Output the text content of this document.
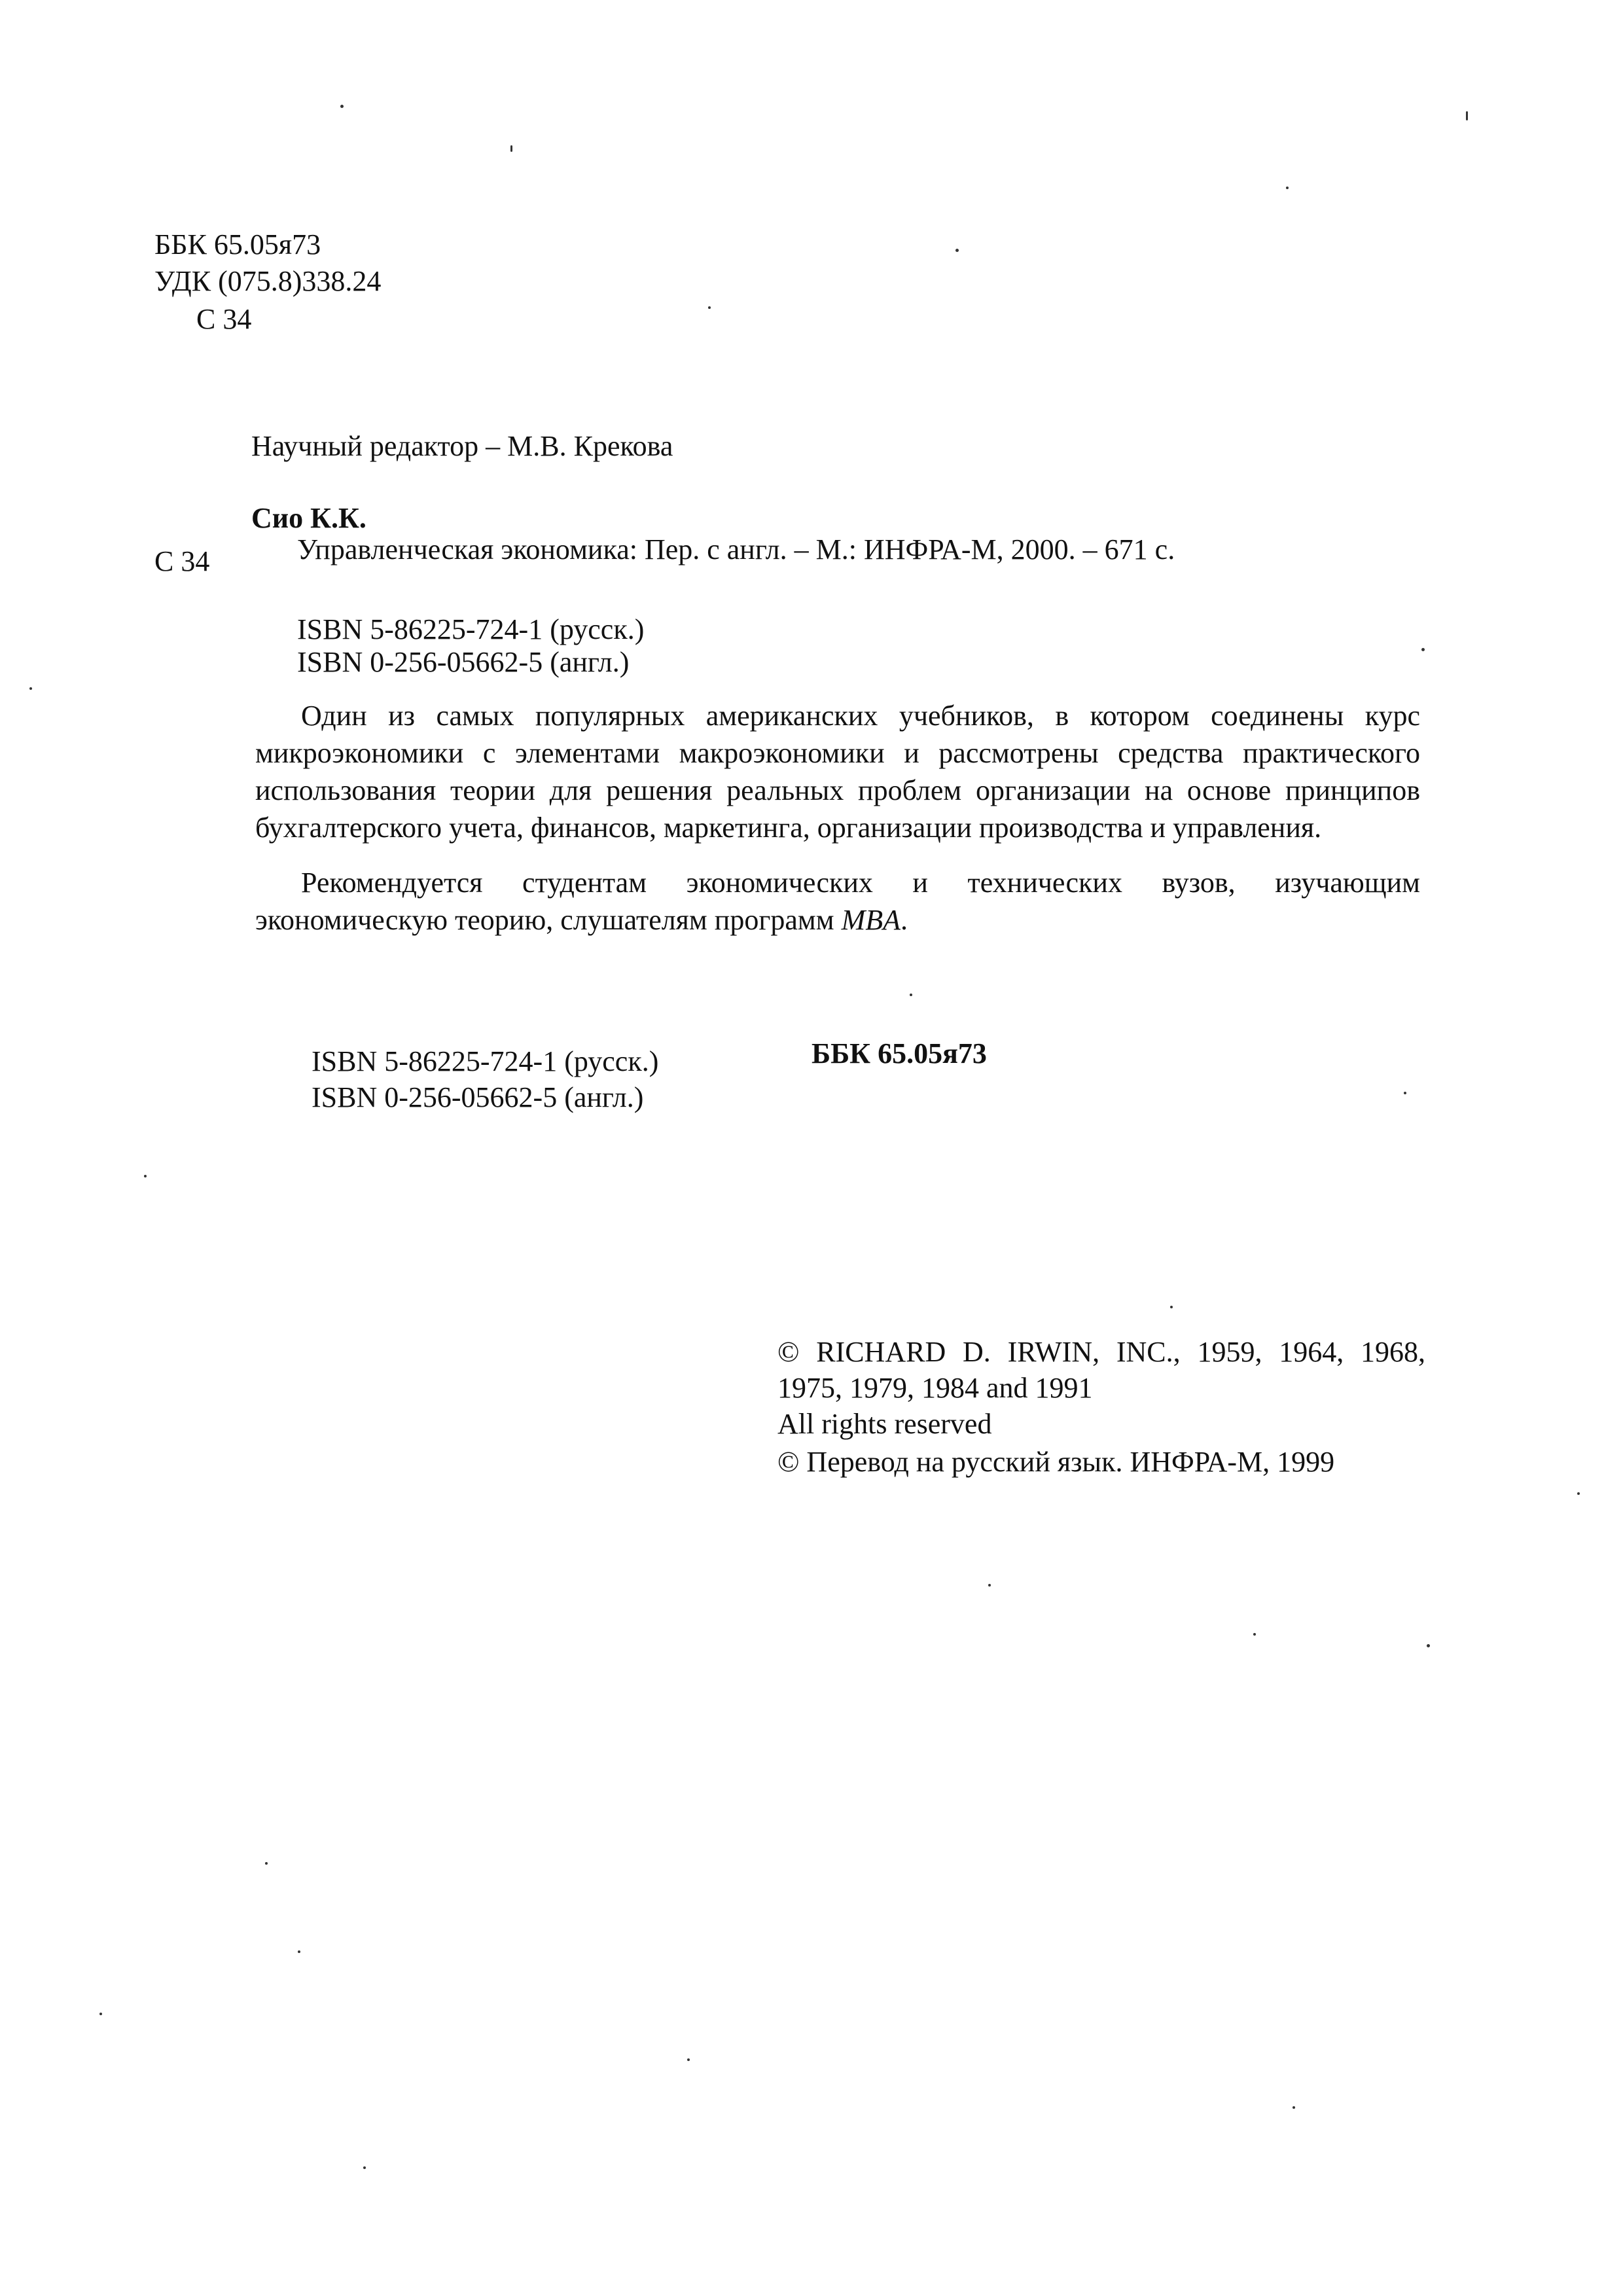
ББК 65.05я73
УДК (075.8)338.24
С 34
Научный редактор – М.В. Крекова
Сио К.К.
С 34	Управленческая экономика: Пер. с англ. – М.: ИНФРА-М, 2000. – 671 с.
ISBN 5-86225-724-1 (русск.)
ISBN 0-256-05662-5 (англ.)
Один из самых популярных американских учебников, в котором соединены курс микроэкономики с элементами макроэкономики и рассмотрены средства практического использования теории для решения реальных проблем организации на основе принципов бухгалтерского учета, финансов, маркетинга, организации производства и управления.
Рекомендуется студентам экономических и технических вузов, изучающим экономическую теорию, слушателям программ MBA.
ISBN 5-86225-724-1 (русск.)
ISBN 0-256-05662-5 (англ.)
ББК 65.05я73
© RICHARD D. IRWIN, INC., 1959, 1964, 1968, 1975, 1979, 1984 and 1991
All rights reserved
© Перевод на русский язык. ИНФРА-М, 1999
